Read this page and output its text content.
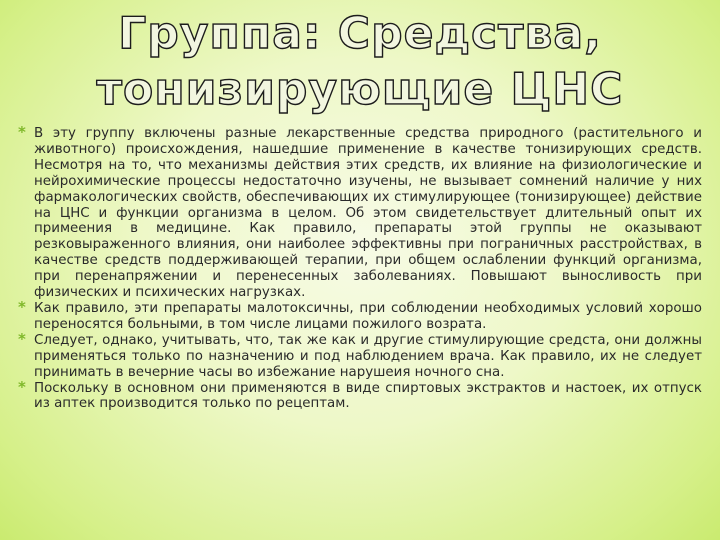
Группа: Средства,
тонизирующие ЦНС

* В эту группу включены разные лекарственные средства природного (растительного и животного) происхождения, нашедшие применение в качестве тонизирующих средств. Несмотря на то, что механизмы действия этих средств, их влияние на физиологические и нейрохимические процессы недостаточно изучены, не вызывает сомнений наличие у них фармакологических свойств, обеспечивающих их стимулирующее (тонизирующее) действие на ЦНС и функции организма в целом. Об этом свидетельствует длительный опыт их примеения в медицине. Как правило, препараты этой группы не оказывают резковыраженного влияния, они наиболее эффективны при пограничных расстройствах, в качестве средств поддерживающей терапии, при общем ослаблении функций организма, при перенапряжении и перенесенных заболеваниях. Повышают выносливость при физических и психических нагрузках.

* Как правило, эти препараты малотоксичны, при соблюдении необходимых условий хорошо переносятся больными, в том числе лицами пожилого возрата.

* Следует, однако, учитывать, что, так же как и другие стимулирующие средста, они должны применяться только по назначению и под наблюдением врача. Как правило, их не следует принимать в вечерние часы во избежание нарушеия ночного сна.

* Поскольку в основном они применяются в виде спиртовых экстрактов и настоек, их отпуск из аптек производится только по рецептам.
